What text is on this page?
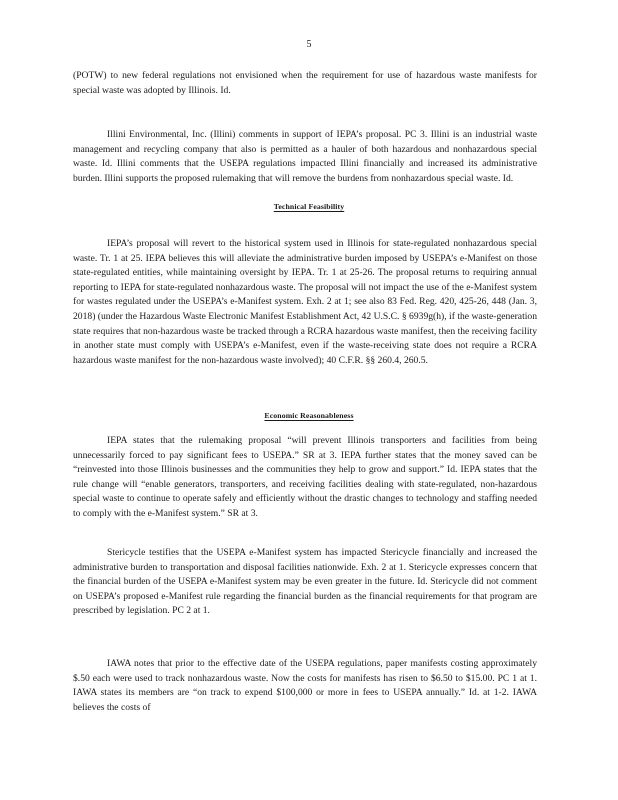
5

(POTW) to new federal regulations not envisioned when the requirement for use of hazardous waste manifests for special waste was adopted by Illinois. Id.

Illini Environmental, Inc. (Illini) comments in support of IEPA’s proposal. PC 3. Illini is an industrial waste management and recycling company that also is permitted as a hauler of both hazardous and nonhazardous special waste. Id. Illini comments that the USEPA regulations impacted Illini financially and increased its administrative burden. Illini supports the proposed rulemaking that will remove the burdens from nonhazardous special waste. Id.

Technical Feasibility

IEPA’s proposal will revert to the historical system used in Illinois for state-regulated nonhazardous special waste. Tr. 1 at 25. IEPA believes this will alleviate the administrative burden imposed by USEPA’s e-Manifest on those state-regulated entities, while maintaining oversight by IEPA. Tr. 1 at 25-26. The proposal returns to requiring annual reporting to IEPA for state-regulated nonhazardous waste. The proposal will not impact the use of the e-Manifest system for wastes regulated under the USEPA’s e-Manifest system. Exh. 2 at 1; see also 83 Fed. Reg. 420, 425-26, 448 (Jan. 3, 2018) (under the Hazardous Waste Electronic Manifest Establishment Act, 42 U.S.C. § 6939g(h), if the waste-generation state requires that non-hazardous waste be tracked through a RCRA hazardous waste manifest, then the receiving facility in another state must comply with USEPA’s e-Manifest, even if the waste-receiving state does not require a RCRA hazardous waste manifest for the non-hazardous waste involved); 40 C.F.R. §§ 260.4, 260.5.

Economic Reasonableness

IEPA states that the rulemaking proposal “will prevent Illinois transporters and facilities from being unnecessarily forced to pay significant fees to USEPA.” SR at 3. IEPA further states that the money saved can be “reinvested into those Illinois businesses and the communities they help to grow and support.” Id. IEPA states that the rule change will “enable generators, transporters, and receiving facilities dealing with state-regulated, non-hazardous special waste to continue to operate safely and efficiently without the drastic changes to technology and staffing needed to comply with the e-Manifest system.” SR at 3.

Stericycle testifies that the USEPA e-Manifest system has impacted Stericycle financially and increased the administrative burden to transportation and disposal facilities nationwide. Exh. 2 at 1. Stericycle expresses concern that the financial burden of the USEPA e-Manifest system may be even greater in the future. Id. Stericycle did not comment on USEPA’s proposed e-Manifest rule regarding the financial burden as the financial requirements for that program are prescribed by legislation. PC 2 at 1.

IAWA notes that prior to the effective date of the USEPA regulations, paper manifests costing approximately $.50 each were used to track nonhazardous waste. Now the costs for manifests has risen to $6.50 to $15.00. PC 1 at 1. IAWA states its members are “on track to expend $100,000 or more in fees to USEPA annually.” Id. at 1-2. IAWA believes the costs of
